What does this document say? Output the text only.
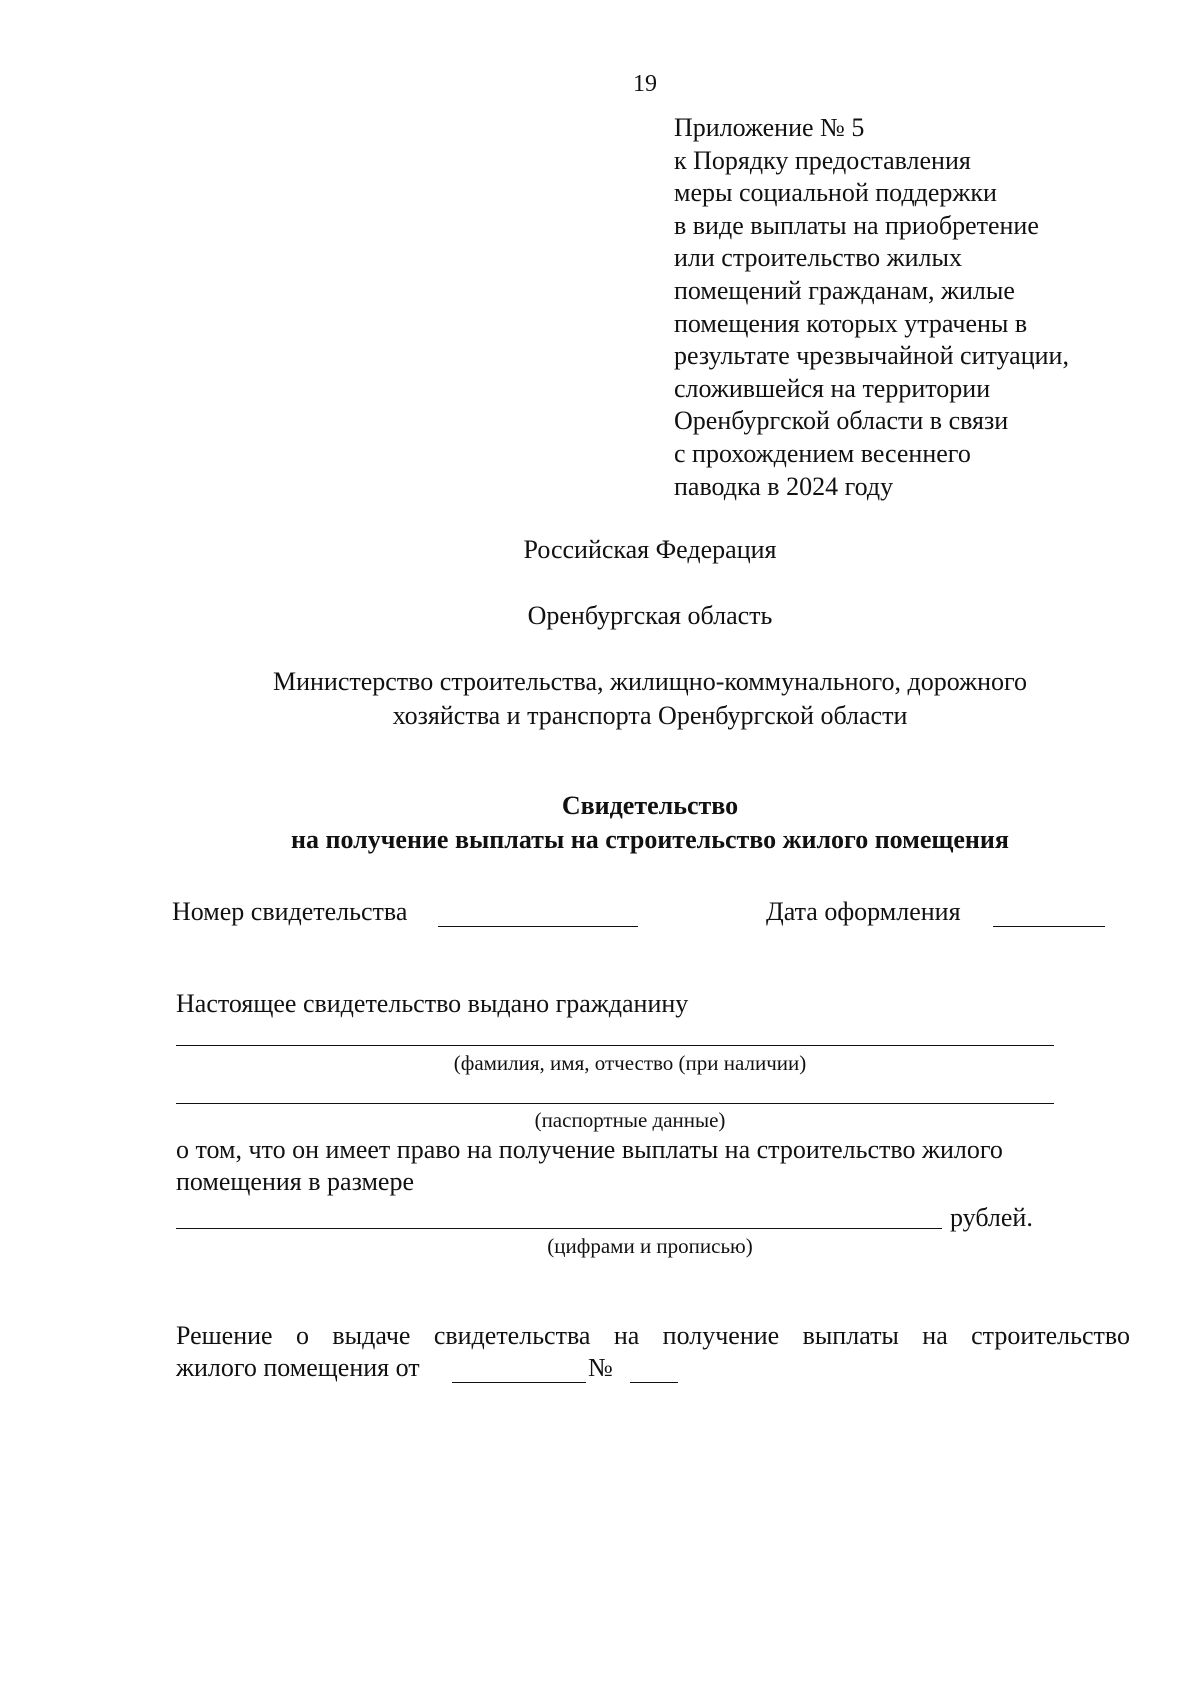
19
Приложение № 5
к Порядку предоставления
меры социальной поддержки
в виде выплаты на приобретение
или строительство жилых
помещений гражданам, жилые
помещения которых утрачены в
результате чрезвычайной ситуации,
сложившейся на территории
Оренбургской области в связи
с прохождением весеннего
паводка в 2024 году
Российская Федерация
Оренбургская область
Министерство строительства, жилищно-коммунального, дорожного
хозяйства и транспорта Оренбургской области
Свидетельство
на получение выплаты на строительство жилого помещения
Номер свидетельства	Дата оформления
Настоящее свидетельство выдано гражданину
(фамилия, имя, отчество (при наличии)
(паспортные данные)
о том, что он имеет право на получение выплаты на строительство жилого
помещения в размере
рублей.
(цифрами и прописью)
Решение о выдаче свидетельства на получение выплаты на строительство
жилого помещения от	№
